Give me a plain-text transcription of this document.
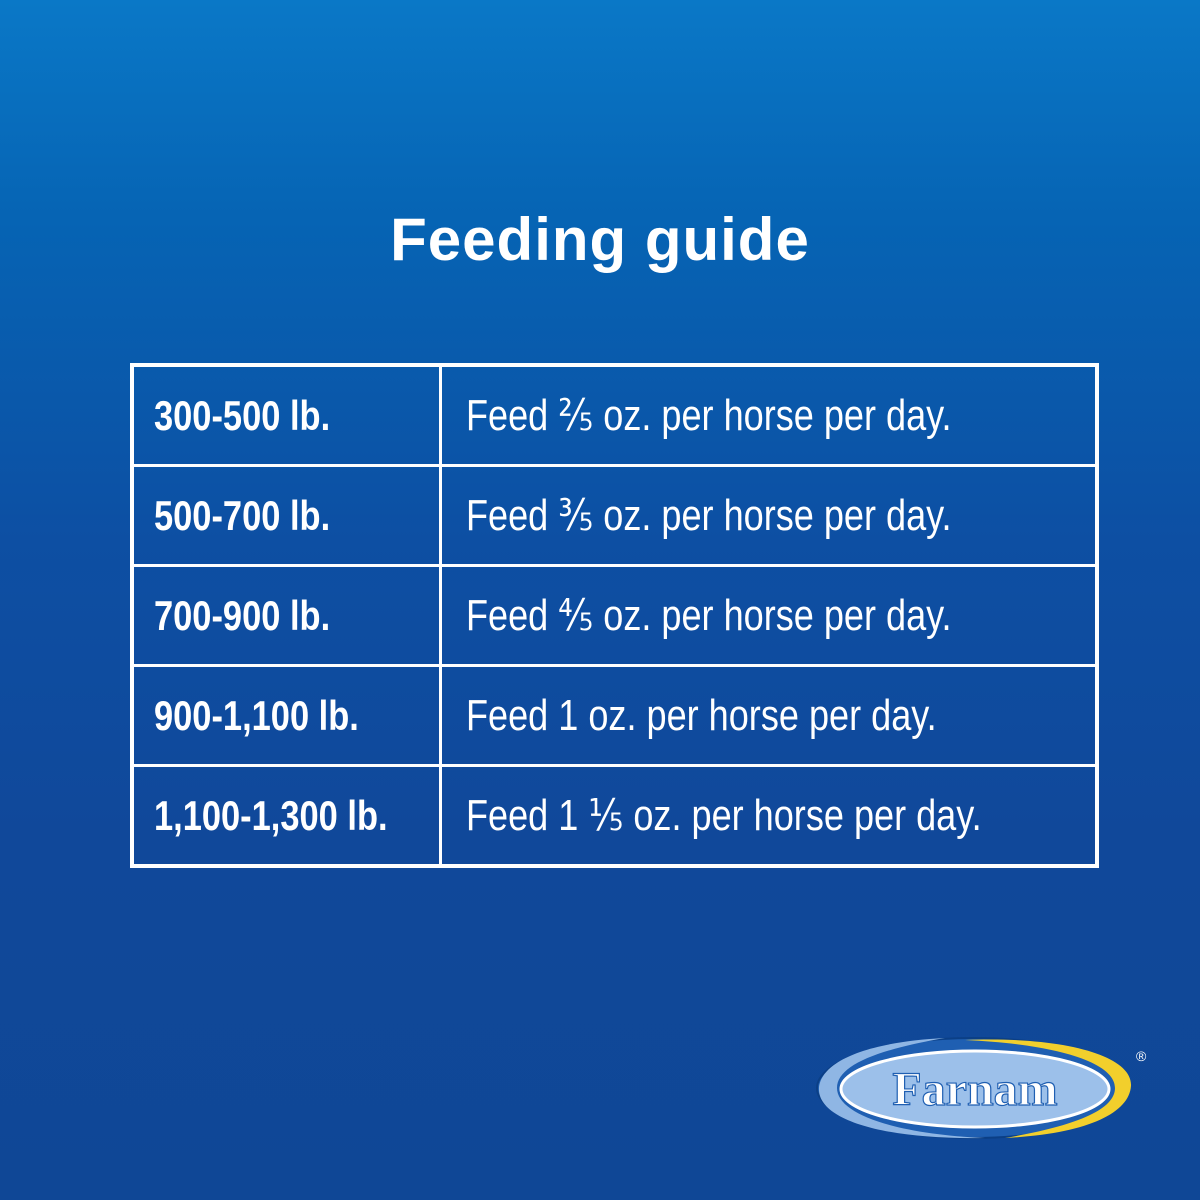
Feeding guide
300-500 lb.	Feed ⅖ oz. per horse per day.
500-700 lb.	Feed ⅗ oz. per horse per day.
700-900 lb.	Feed ⅘ oz. per horse per day.
900-1,100 lb.	Feed 1 oz. per horse per day.
1,100-1,300 lb.	Feed 1 ⅕ oz. per horse per day.
Farnam
®
